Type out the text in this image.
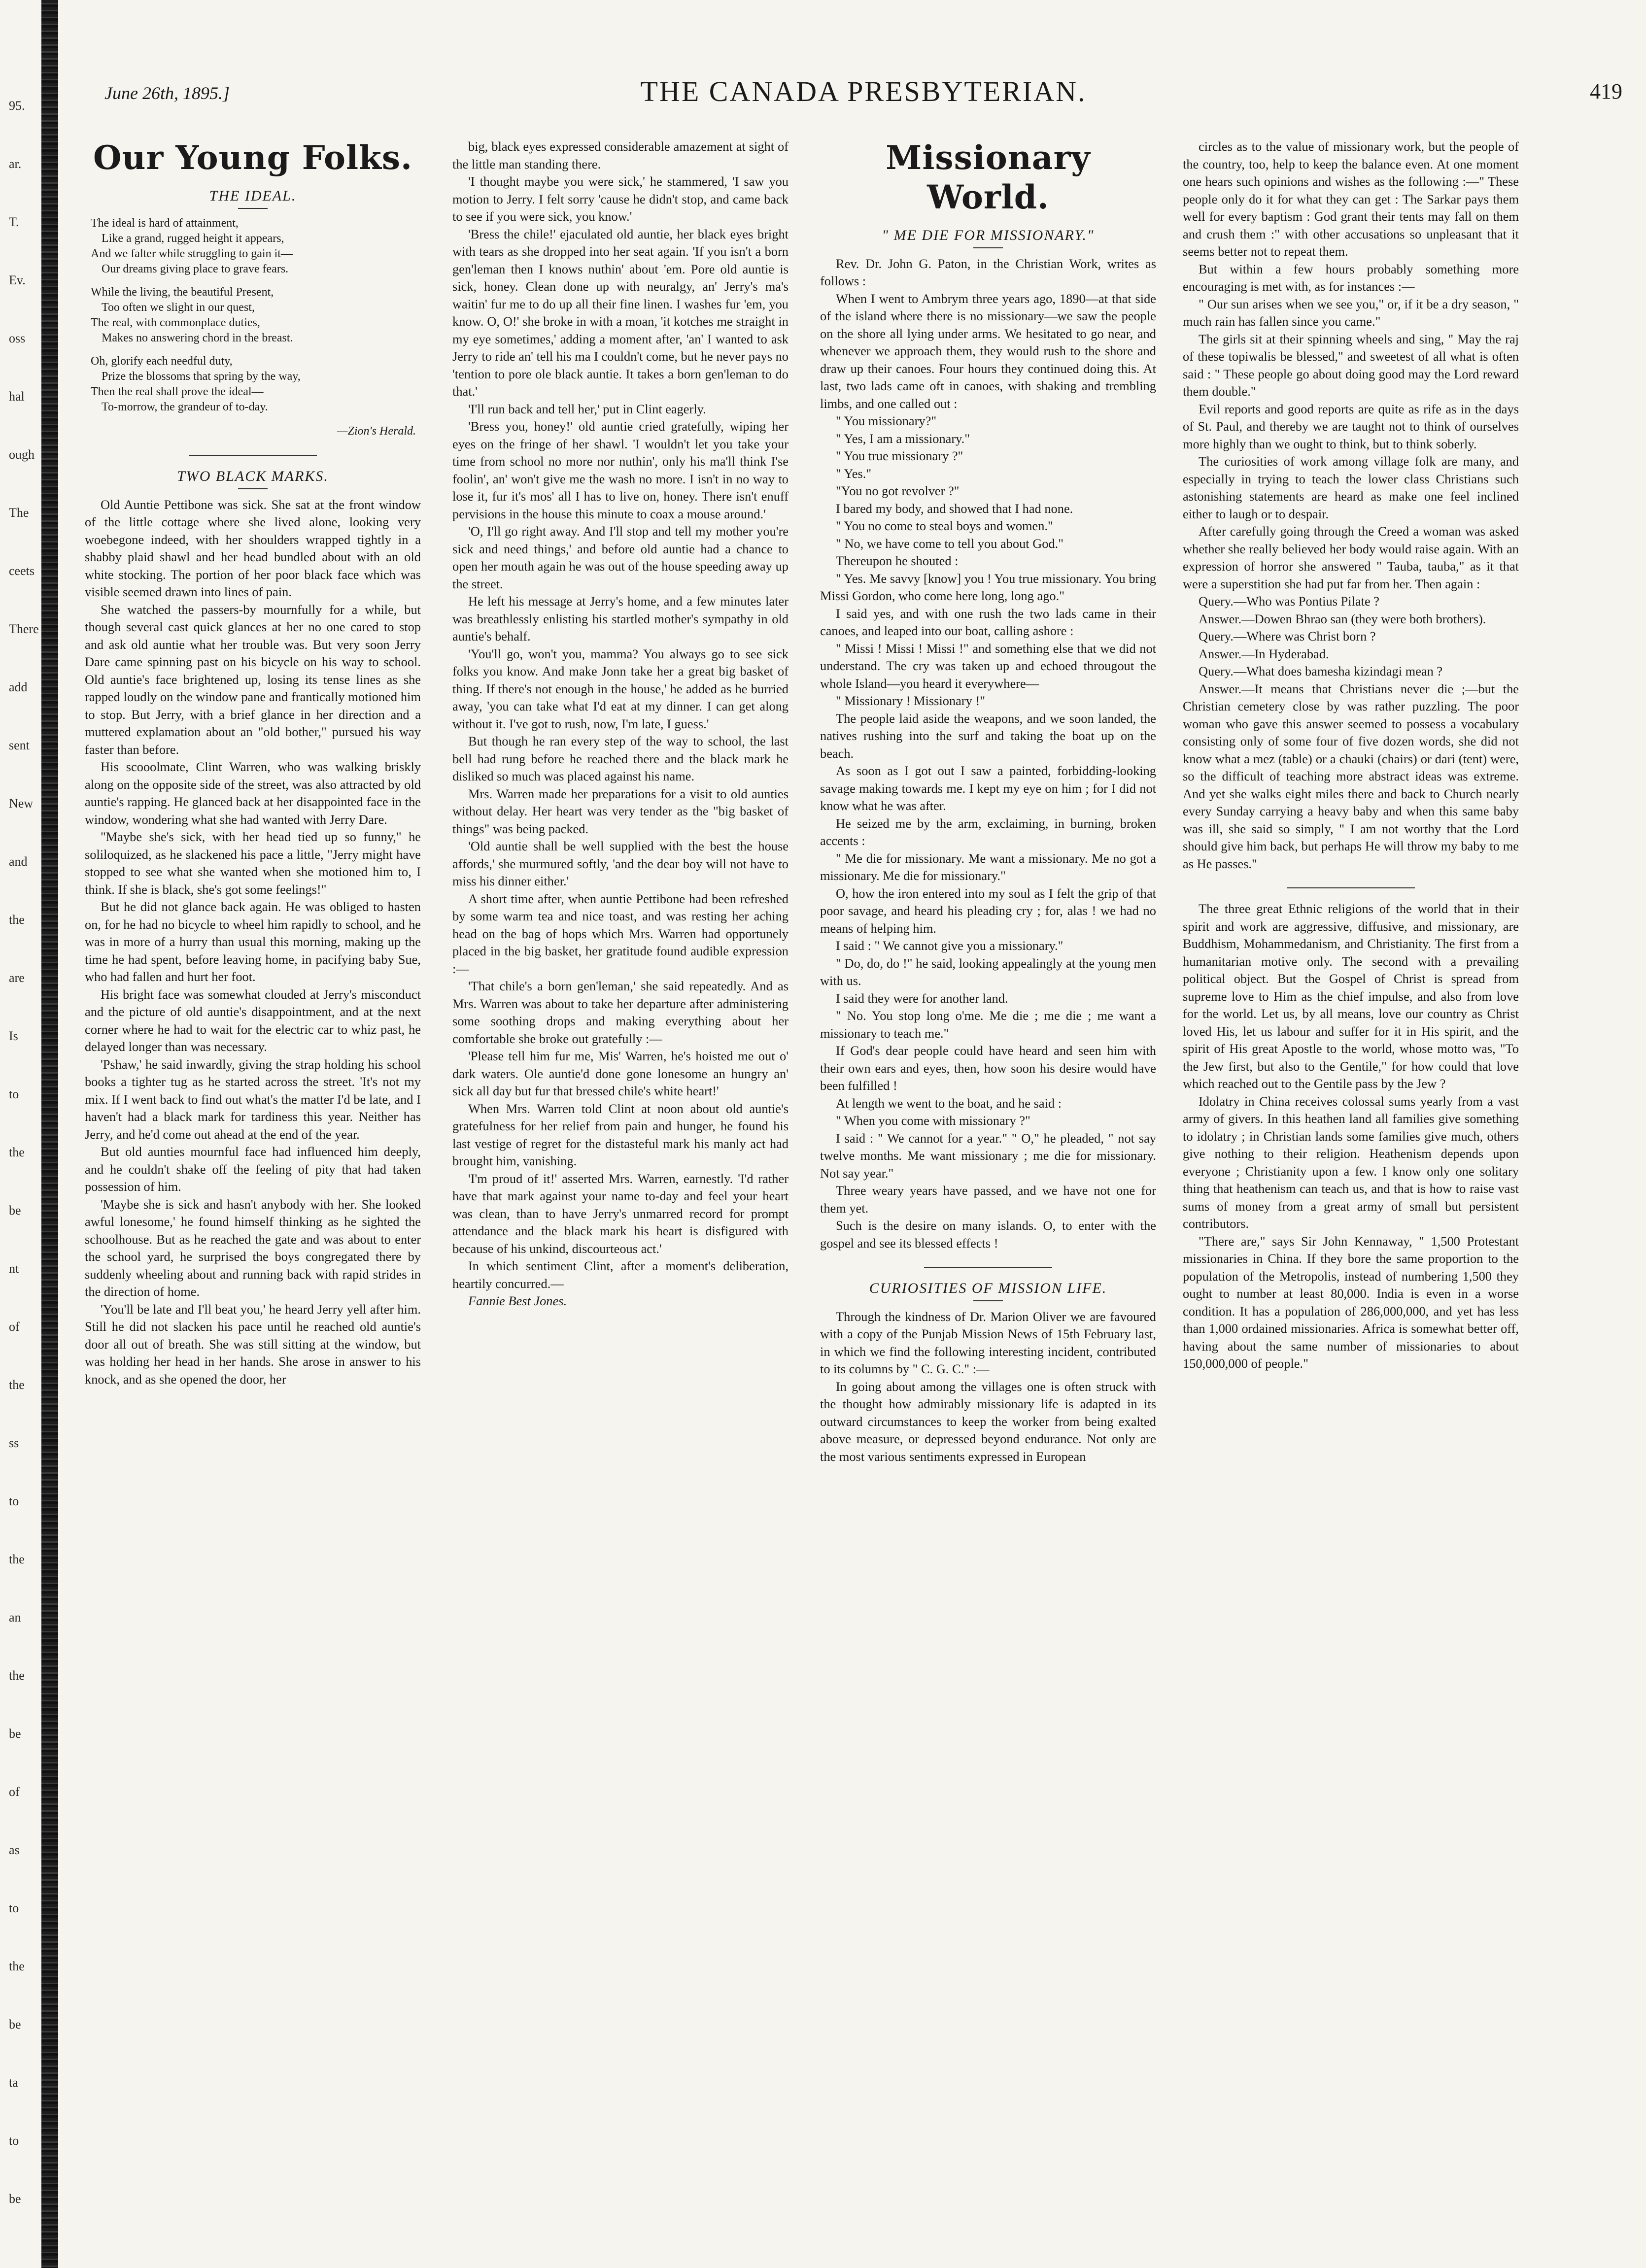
95.
ar.
T.
Ev.
oss
hal
ough
The
ceets
There
add
sent
New
and
the
are
Is
to
the
be
nt
of
the
ss
to
the
an
the
be
of
as
to
the
be
ta
to
be
June 26th, 1895.]	THE CANADA PRESBYTERIAN.	419
Our Young Folks.
THE IDEAL.
The ideal is hard of attainment,
Like a grand, rugged height it appears,
And we falter while struggling to gain it—
Our dreams giving place to grave fears.
While the living, the beautiful Present,
Too often we slight in our quest,
The real, with commonplace duties,
Makes no answering chord in the breast.
Oh, glorify each needful duty,
Prize the blossoms that spring by the way,
Then the real shall prove the ideal—
To-morrow, the grandeur of to-day.
—Zion's Herald.
TWO BLACK MARKS.

Old Auntie Pettibone was sick. She sat at the front window of the little cottage where she lived alone, looking very woebegone indeed, with her shoulders wrapped tightly in a shabby plaid shawl and her head bundled about with an old white stocking. The portion of her poor black face which was visible seemed drawn into lines of pain.

She watched the passers-by mournfully for a while, but though several cast quick glances at her no one cared to stop and ask old auntie what her trouble was. But very soon Jerry Dare came spinning past on his bicycle on his way to school. Old auntie's face brightened up, losing its tense lines as she rapped loudly on the window pane and frantically motioned him to stop. But Jerry, with a brief glance in her direction and a muttered explamation about an "old bother," pursued his way faster than before.

His scooolmate, Clint Warren, who was walking briskly along on the opposite side of the street, was also attracted by old auntie's rapping. He glanced back at her disappointed face in the window, wondering what she had wanted with Jerry Dare.

"Maybe she's sick, with her head tied up so funny," he soliloquized, as he slackened his pace a little, "Jerry might have stopped to see what she wanted when she motioned him to, I think. If she is black, she's got some feelings!"

But he did not glance back again. He was obliged to hasten on, for he had no bicycle to wheel him rapidly to school, and he was in more of a hurry than usual this morning, making up the time he had spent, before leaving home, in pacifying baby Sue, who had fallen and hurt her foot.

His bright face was somewhat clouded at Jerry's misconduct and the picture of old auntie's disappointment, and at the next corner where he had to wait for the electric car to whiz past, he delayed longer than was necessary.

'Pshaw,' he said inwardly, giving the strap holding his school books a tighter tug as he started across the street. 'It's not my mix. If I went back to find out what's the matter I'd be late, and I haven't had a black mark for tardiness this year. Neither has Jerry, and he'd come out ahead at the end of the year.

But old aunties mournful face had influenced him deeply, and he couldn't shake off the feeling of pity that had taken possession of him.

'Maybe she is sick and hasn't anybody with her. She looked awful lonesome,' he found himself thinking as he sighted the schoolhouse. But as he reached the gate and was about to enter the school yard, he surprised the boys congregated there by suddenly wheeling about and running back with rapid strides in the direction of home.

'You'll be late and I'll beat you,' he heard Jerry yell after him. Still he did not slacken his pace until he reached old auntie's door all out of breath. She was still sitting at the window, but was holding her head in her hands. She arose in answer to his knock, and as she opened the door, her

big, black eyes expressed considerable amazement at sight of the little man standing there.

'I thought maybe you were sick,' he stammered, 'I saw you motion to Jerry. I felt sorry 'cause he didn't stop, and came back to see if you were sick, you know.'

'Bress the chile!' ejaculated old auntie, her black eyes bright with tears as she dropped into her seat again. 'If you isn't a born gen'leman then I knows nuthin' about 'em. Pore old auntie is sick, honey. Clean done up with neuralgy, an' Jerry's ma's waitin' fur me to do up all their fine linen. I washes fur 'em, you know. O, O!' she broke in with a moan, 'it kotches me straight in my eye sometimes,' adding a moment after, 'an' I wanted to ask Jerry to ride an' tell his ma I couldn't come, but he never pays no 'tention to pore ole black auntie. It takes a born gen'leman to do that.'

'I'll run back and tell her,' put in Clint eagerly.

'Bress you, honey!' old auntie cried gratefully, wiping her eyes on the fringe of her shawl. 'I wouldn't let you take your time from school no more nor nuthin', only his ma'll think I'se foolin', an' won't give me the wash no more. I isn't in no way to lose it, fur it's mos' all I has to live on, honey. There isn't enuff pervisions in the house this minute to coax a mouse around.'

'O, I'll go right away. And I'll stop and tell my mother you're sick and need things,' and before old auntie had a chance to open her mouth again he was out of the house speeding away up the street.

He left his message at Jerry's home, and a few minutes later was breathlessly enlisting his startled mother's sympathy in old auntie's behalf.

'You'll go, won't you, mamma? You always go to see sick folks you know. And make Jonn take her a great big basket of thing. If there's not enough in the house,' he added as he burried away, 'you can take what I'd eat at my dinner. I can get along without it. I've got to rush, now, I'm late, I guess.'

But though he ran every step of the way to school, the last bell had rung before he reached there and the black mark he disliked so much was placed against his name.

Mrs. Warren made her preparations for a visit to old aunties without delay. Her heart was very tender as the "big basket of things" was being packed.

'Old auntie shall be well supplied with the best the house affords,' she murmured softly, 'and the dear boy will not have to miss his dinner either.'

A short time after, when auntie Pettibone had been refreshed by some warm tea and nice toast, and was resting her aching head on the bag of hops which Mrs. Warren had opportunely placed in the big basket, her gratitude found audible expression :—

'That chile's a born gen'leman,' she said repeatedly. And as Mrs. Warren was about to take her departure after administering some soothing drops and making everything about her comfortable she broke out gratefully :—

'Please tell him fur me, Mis' Warren, he's hoisted me out o' dark waters. Ole auntie'd done gone lonesome an hungry an' sick all day but fur that bressed chile's white heart!'

When Mrs. Warren told Clint at noon about old auntie's gratefulness for her relief from pain and hunger, he found his last vestige of regret for the distasteful mark his manly act had brought him, vanishing.

'I'm proud of it!' asserted Mrs. Warren, earnestly. 'I'd rather have that mark against your name to-day and feel your heart was clean, than to have Jerry's unmarred record for prompt attendance and the black mark his heart is disfigured with because of his unkind, discourteous act.'

In which sentiment Clint, after a moment's deliberation, heartily concurred.—

Fannie Best Jones.

Missionary World.
" ME DIE FOR MISSIONARY."

Rev. Dr. John G. Paton, in the Christian Work, writes as follows :

When I went to Ambrym three years ago, 1890—at that side of the island where there is no missionary—we saw the people on the shore all lying under arms. We hesitated to go near, and whenever we approach them, they would rush to the shore and draw up their canoes. Four hours they continued doing this. At last, two lads came oft in canoes, with shaking and trembling limbs, and one called out :

" You missionary?"

" Yes, I am a missionary."

" You true missionary ?"

" Yes."

"You no got revolver ?"

I bared my body, and showed that I had none.

" You no come to steal boys and women."

" No, we have come to tell you about God."

Thereupon he shouted :

" Yes. Me savvy [know] you ! You true missionary. You bring Missi Gordon, who come here long, long ago."

I said yes, and with one rush the two lads came in their canoes, and leaped into our boat, calling ashore :

" Missi ! Missi ! Missi !" and something else that we did not understand. The cry was taken up and echoed througout the whole Island—you heard it everywhere—

" Missionary ! Missionary !"

The people laid aside the weapons, and we soon landed, the natives rushing into the surf and taking the boat up on the beach.

As soon as I got out I saw a painted, forbidding-looking savage making towards me. I kept my eye on him ; for I did not know what he was after.

He seized me by the arm, exclaiming, in burning, broken accents :

" Me die for missionary. Me want a missionary. Me no got a missionary. Me die for missionary."

O, how the iron entered into my soul as I felt the grip of that poor savage, and heard his pleading cry ; for, alas ! we had no means of helping him.

I said : " We cannot give you a missionary."

" Do, do, do !" he said, looking appealingly at the young men with us.

I said they were for another land.

" No. You stop long o'me. Me die ; me die ; me want a missionary to teach me."

If God's dear people could have heard and seen him with their own ears and eyes, then, how soon his desire would have been fulfilled !

At length we went to the boat, and he said :

" When you come with missionary ?"

I said : " We cannot for a year." " O," he pleaded, " not say twelve months. Me want missionary ; me die for missionary. Not say year."

Three weary years have passed, and we have not one for them yet.

Such is the desire on many islands. O, to enter with the gospel and see its blessed effects !

CURIOSITIES OF MISSION LIFE.

Through the kindness of Dr. Marion Oliver we are favoured with a copy of the Punjab Mission News of 15th February last, in which we find the following interesting incident, contributed to its columns by " C. G. C." :—

In going about among the villages one is often struck with the thought how admirably missionary life is adapted in its outward circumstances to keep the worker from being exalted above measure, or depressed beyond endurance. Not only are the most various sentiments expressed in European

circles as to the value of missionary work, but the people of the country, too, help to keep the balance even. At one moment one hears such opinions and wishes as the following :—" These people only do it for what they can get : The Sarkar pays them well for every baptism : God grant their tents may fall on them and crush them :" with other accusations so unpleasant that it seems better not to repeat them.

But within a few hours probably something more encouraging is met with, as for instances :—

" Our sun arises when we see you," or, if it be a dry season, " much rain has fallen since you came."

The girls sit at their spinning wheels and sing, " May the raj of these topiwalis be blessed," and sweetest of all what is often said : " These people go about doing good may the Lord reward them double."

Evil reports and good reports are quite as rife as in the days of St. Paul, and thereby we are taught not to think of ourselves more highly than we ought to think, but to think soberly.

The curiosities of work among village folk are many, and especially in trying to teach the lower class Christians such astonishing statements are heard as make one feel inclined either to laugh or to despair.

After carefully going through the Creed a woman was asked whether she really believed her body would raise again. With an expression of horror she answered " Tauba, tauba," as it that were a superstition she had put far from her. Then again :

Query.—Who was Pontius Pilate ?

Answer.—Dowen Bhrao san (they were both brothers).

Query.—Where was Christ born ?

Answer.—In Hyderabad.

Query.—What does bamesha kizindagi mean ?

Answer.—It means that Christians never die ;—but the Christian cemetery close by was rather puzzling. The poor woman who gave this answer seemed to possess a vocabulary consisting only of some four of five dozen words, she did not know what a mez (table) or a chauki (chairs) or dari (tent) were, so the difficult of teaching more abstract ideas was extreme. And yet she walks eight miles there and back to Church nearly every Sunday carrying a heavy baby and when this same baby was ill, she said so simply, " I am not worthy that the Lord should give him back, but perhaps He will throw my baby to me as He passes."

The three great Ethnic religions of the world that in their spirit and work are aggressive, diffusive, and missionary, are Buddhism, Mohammedanism, and Christianity. The first from a humanitarian motive only. The second with a prevailing political object. But the Gospel of Christ is spread from supreme love to Him as the chief impulse, and also from love for the world. Let us, by all means, love our country as Christ loved His, let us labour and suffer for it in His spirit, and the spirit of His great Apostle to the world, whose motto was, "To the Jew first, but also to the Gentile," for how could that love which reached out to the Gentile pass by the Jew ?

Idolatry in China receives colossal sums yearly from a vast army of givers. In this heathen land all families give something to idolatry ; in Christian lands some families give much, others give nothing to their religion. Heathenism depends upon everyone ; Christianity upon a few. I know only one solitary thing that heathenism can teach us, and that is how to raise vast sums of money from a great army of small but persistent contributors.

"There are," says Sir John Kennaway, " 1,500 Protestant missionaries in China. If they bore the same proportion to the population of the Metropolis, instead of numbering 1,500 they ought to number at least 80,000. India is even in a worse condition. It has a population of 286,000,000, and yet has less than 1,000 ordained missionaries. Africa is somewhat better off, having about the same number of missionaries to about 150,000,000 of people."
